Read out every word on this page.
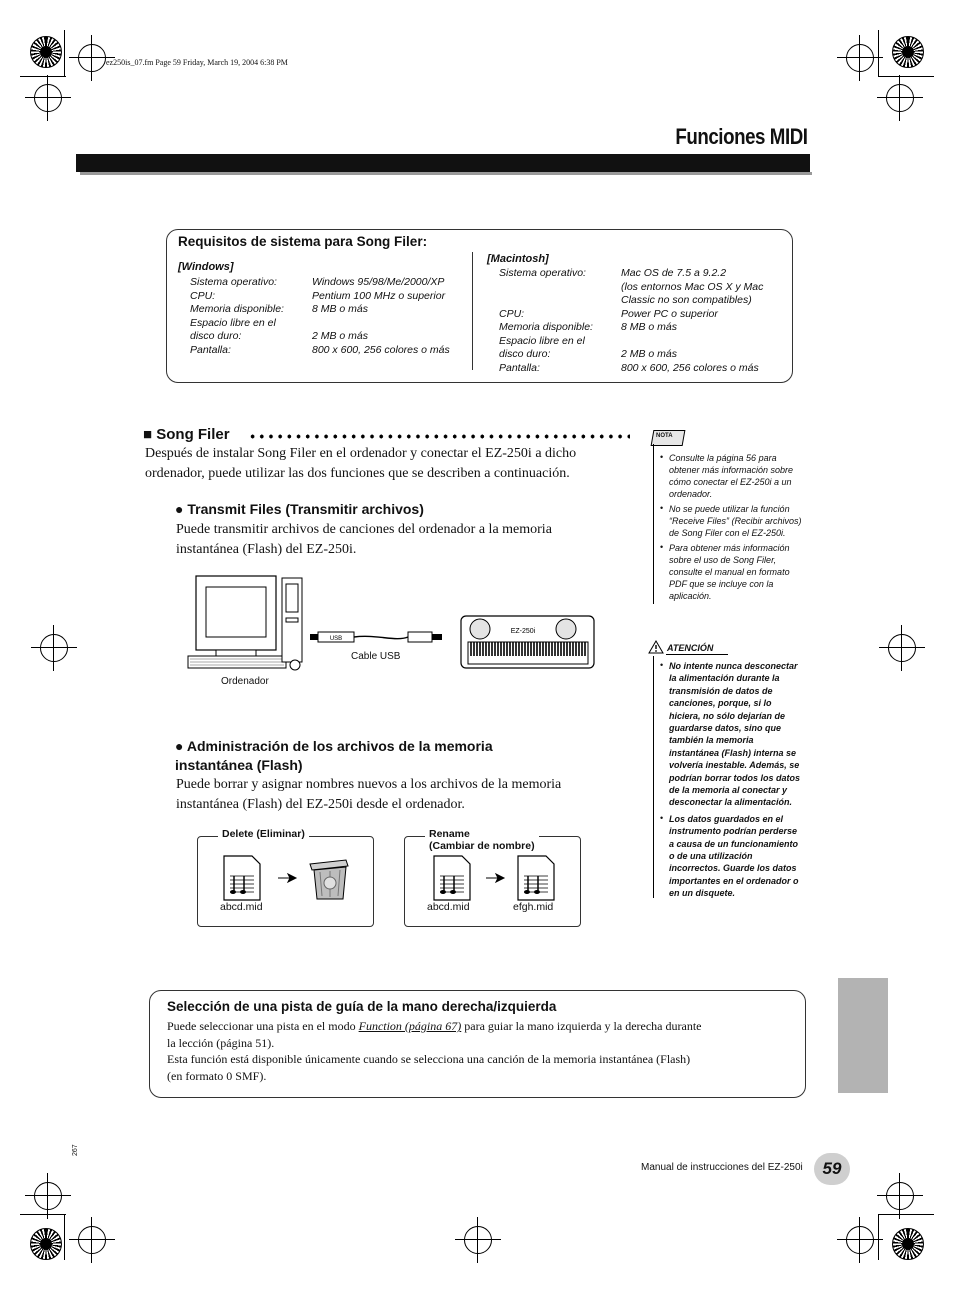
ez250is_07.fm Page 59 Friday, March 19, 2004 6:38 PM
Funciones MIDI
Requisitos de sistema para Song Filer:
[Windows]
Sistema operativo:	Windows 95/98/Me/2000/XP
CPU:	Pentium 100 MHz o superior
Memoria disponible:	8 MB o más
Espacio libre en el
disco duro:	2 MB o más
Pantalla:	800 x 600, 256 colores o más
[Macintosh]
Sistema operativo:	Mac OS de 7.5 a 9.2.2
(los entornos Mac OS X y Mac
Classic no son compatibles)
CPU:	Power PC o superior
Memoria disponible:	8 MB o más
Espacio libre en el
disco duro:	2 MB o más
Pantalla:	800 x 600, 256 colores o más
■ Song Filer
Después de instalar Song Filer en el ordenador y conectar el EZ-250i a dicho
ordenador, puede utilizar las dos funciones que se describen a continuación.
● Transmit Files (Transmitir archivos)
Puede transmitir archivos de canciones del ordenador a la memoria
instantánea (Flash) del EZ-250i.
USB
EZ-250i
Ordenador
Cable USB
● Administración de los archivos de la memoria
instantánea (Flash)
Puede borrar y asignar nombres nuevos a los archivos de la memoria
instantánea (Flash) del EZ-250i desde el ordenador.
Delete (Eliminar)
abcd.mid
Rename
(Cambiar de nombre)
abcd.mid	efgh.mid
NOTA
• Consulte la página 56 para
obtener más información sobre
cómo conectar el EZ-250i a un
ordenador.
• No se puede utilizar la función
“Receive Files” (Recibir archivos)
de Song Filer con el EZ-250i.
• Para obtener más información
sobre el uso de Song Filer,
consulte el manual en formato
PDF que se incluye con la
aplicación.
ATENCIÓN
• No intente nunca desconectar
la alimentación durante la
transmisión de datos de
canciones, porque, si lo
hiciera, no sólo dejarían de
guardarse datos, sino que
también la memoria
instantánea (Flash) interna se
volvería inestable. Además, se
podrían borrar todos los datos
de la memoria al conectar y
desconectar la alimentación.
• Los datos guardados en el
instrumento podrían perderse
a causa de un funcionamiento
o de una utilización
incorrectos. Guarde los datos
importantes en el ordenador o
en un disquete.
Selección de una pista de guía de la mano derecha/izquierda
Puede seleccionar una pista en el modo Function (página 67) para guiar la mano izquierda y la derecha durante
la lección (página 51).
Esta función está disponible únicamente cuando se selecciona una canción de la memoria instantánea (Flash)
(en formato 0 SMF).
Manual de instrucciones del EZ-250i	59
267
